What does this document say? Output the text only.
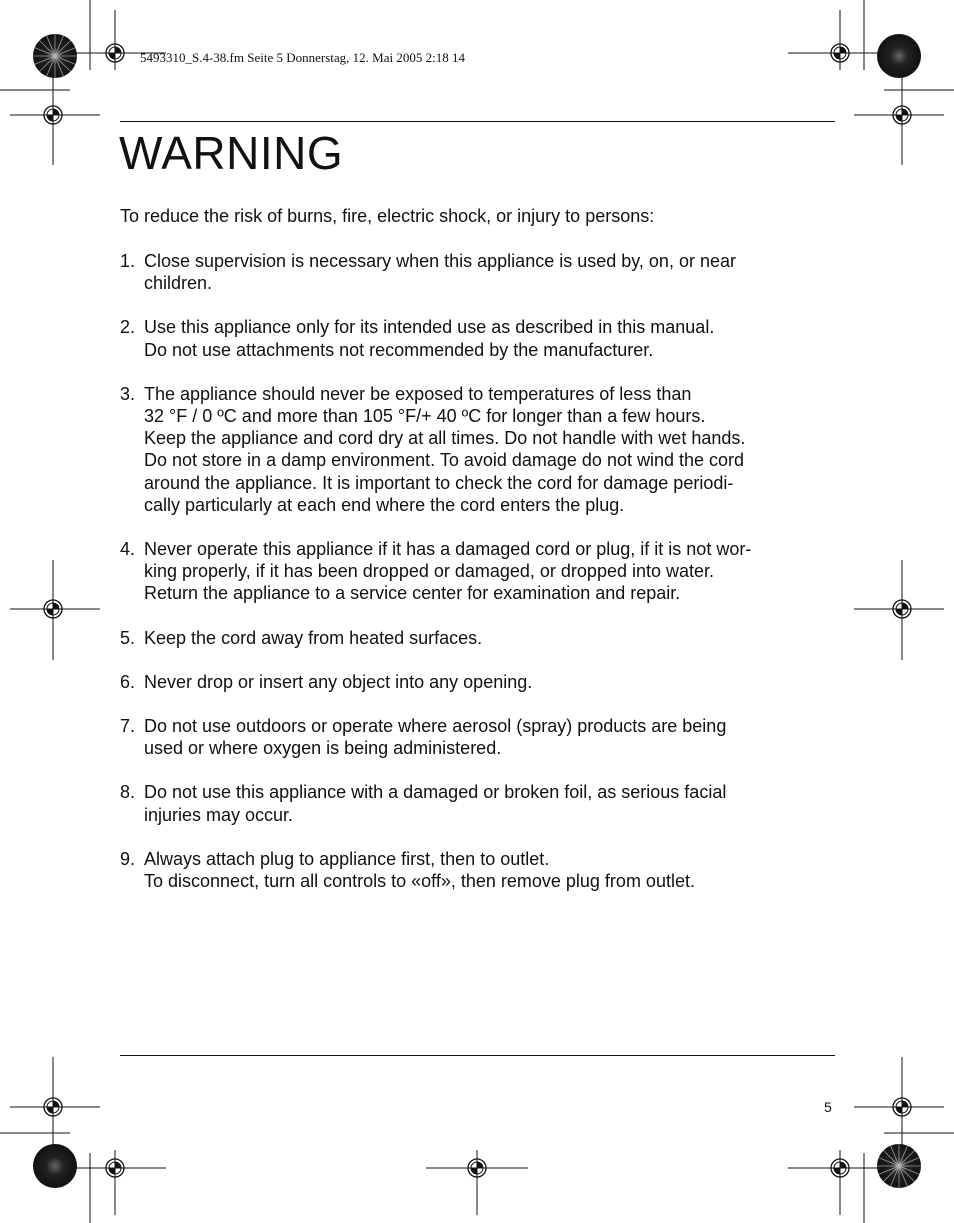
5493310_S.4-38.fm Seite 5 Donnerstag, 12. Mai 2005 2:18 14
WARNING

To reduce the risk of burns, fire, electric shock, or injury to persons:

1. Close supervision is necessary when this appliance is used by, on, or near
children.
2. Use this appliance only for its intended use as described in this manual.
Do not use attachments not recommended by the manufacturer.
3. The appliance should never be exposed to temperatures of less than
32 °F / 0 ºC and more than 105 °F/+ 40 ºC for longer than a few hours.
Keep the appliance and cord dry at all times. Do not handle with wet hands.
Do not store in a damp environment. To avoid damage do not wind the cord
around the appliance. It is important to check the cord for damage periodi-
cally particularly at each end where the cord enters the plug.
4. Never operate this appliance if it has a damaged cord or plug, if it is not wor-
king properly, if it has been dropped or damaged, or dropped into water.
Return the appliance to a service center for examination and repair.
5. Keep the cord away from heated surfaces.
6. Never drop or insert any object into any opening.
7. Do not use outdoors or operate where aerosol (spray) products are being
used or where oxygen is being administered.
8. Do not use this appliance with a damaged or broken foil, as serious facial
injuries may occur.
9. Always attach plug to appliance first, then to outlet.
To disconnect, turn all controls to «off», then remove plug from outlet.
5
